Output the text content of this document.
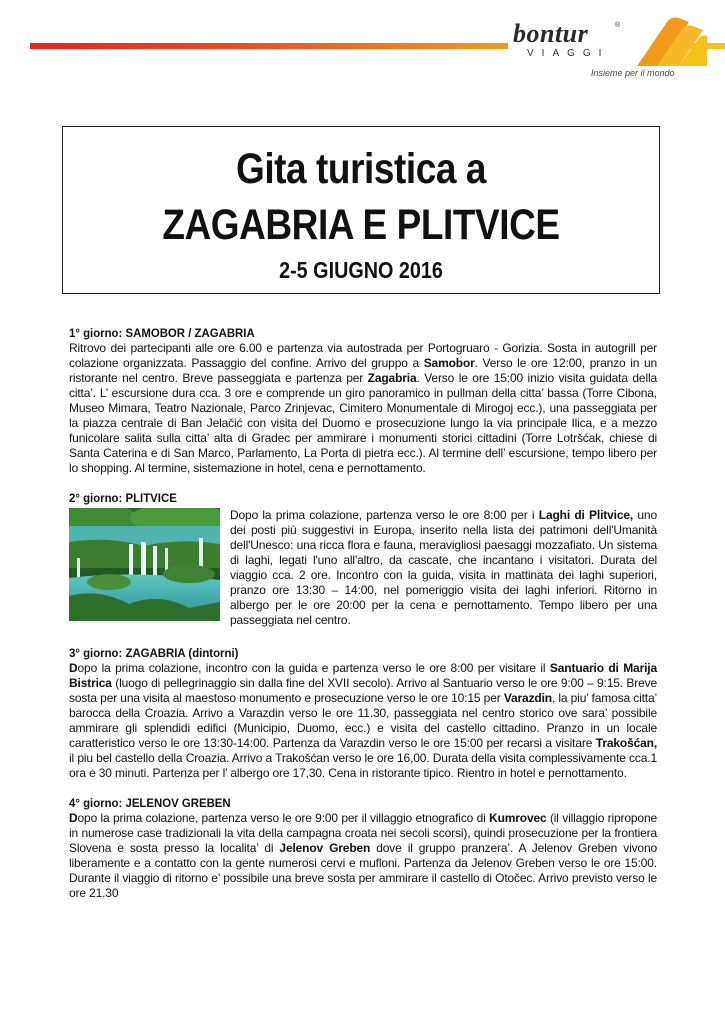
bontur	®
VIAGGI
Insieme per il mondo
Gita turistica a
ZAGABRIA E PLITVICE
2-5 GIUGNO 2016
1° giorno: SAMOBOR / ZAGABRIA
Ritrovo dei partecipanti alle ore 6.00 e partenza via autostrada per Portogruaro - Gorizia. Sosta in autogrill per colazione organizzata. Passaggio del confine. Arrivo del gruppo a Samobor. Verso le ore 12:00, pranzo in un ristorante nel centro. Breve passeggiata e partenza per Zagabria. Verso le ore 15:00 inizio visita guidata della citta’. L’ escursione dura cca. 3 ore e comprende un giro panoramico in pullman della citta’ bassa (Torre Cibona, Museo Mimara, Teatro Nazionale, Parco Zrinjevac, Cimitero Monumentale di Mirogoj ecc.), una passeggiata per la piazza centrale di Ban Jelačić con visita del Duomo e prosecuzione lungo la via principale Ilica, e a mezzo funicolare salita sulla citta’ alta di Gradec per ammirare i monumenti storici cittadini (Torre Lotršćak, chiese di Santa Caterina e di San Marco, Parlamento, La Porta di pietra ecc.). Al termine dell’ escursione, tempo libero per lo shopping. Al termine, sistemazione in hotel, cena e pernottamento.
2° giorno: PLITVICE
Dopo la prima colazione, partenza verso le ore 8:00 per i Laghi di Plitvice, uno dei posti più suggestivi in Europa, inserito nella lista dei patrimoni dell'Umanità dell'Unesco: una ricca flora e fauna, meravigliosi paesaggi mozzafiato. Un sistema di laghi, legati l'uno all'altro, da cascate, che incantano i visitatori. Durata del viaggio cca. 2 ore. Incontro con la guida, visita in mattinata dei laghi superiori, pranzo ore 13:30 – 14:00, nel pomeriggio visita dei laghi inferiori. Ritorno in albergo per le ore 20:00 per la cena e pernottamento. Tempo libero per una passeggiata nel centro.
3° giorno: ZAGABRIA (dintorni)
Dopo la prima colazione, incontro con la guida e partenza verso le ore 8:00 per visitare il Santuario di Marija Bistrica (luogo di pellegrinaggio sin dalla fine del XVII secolo). Arrivo al Santuario verso le ore 9:00 – 9:15. Breve sosta per una visita al maestoso monumento e prosecuzione verso le ore 10:15 per Varazdin, la piu’ famosa citta’ barocca della Croazia. Arrivo a Varazdin verso le ore 11.30, passeggiata nel centro storico ove sara’ possibile ammirare gli splendidi edifici (Municipio, Duomo, ecc.) e visita del castello cittadino. Pranzo in un locale caratteristico verso le ore 13:30-14:00. Partenza da Varazdin verso le ore 15:00 per recarsi a visitare Trakošćan, il piu bel castello della Croazia. Arrivo a Trakošćan verso le ore 16,00. Durata della visita complessivamente cca.1 ora e 30 minuti. Partenza per l’ albergo ore 17,30. Cena in ristorante tipico. Rientro in hotel e pernottamento.
4° giorno: JELENOV GREBEN
Dopo la prima colazione, partenza verso le ore 9:00 per il villaggio etnografico di Kumrovec (il villaggio ripropone in numerose case tradizionali la vita della campagna croata nei secoli scorsi), quindi prosecuzione per la frontiera Slovena e sosta presso la localita’ di Jelenov Greben dove il gruppo pranzera’. A Jelenov Greben vivono liberamente e a contatto con la gente numerosi cervi e mufloni. Partenza da Jelenov Greben verso le ore 15:00. Durante il viaggio di ritorno e’ possibile una breve sosta per ammirare il castello di Otočec. Arrivo previsto verso le ore 21.30
